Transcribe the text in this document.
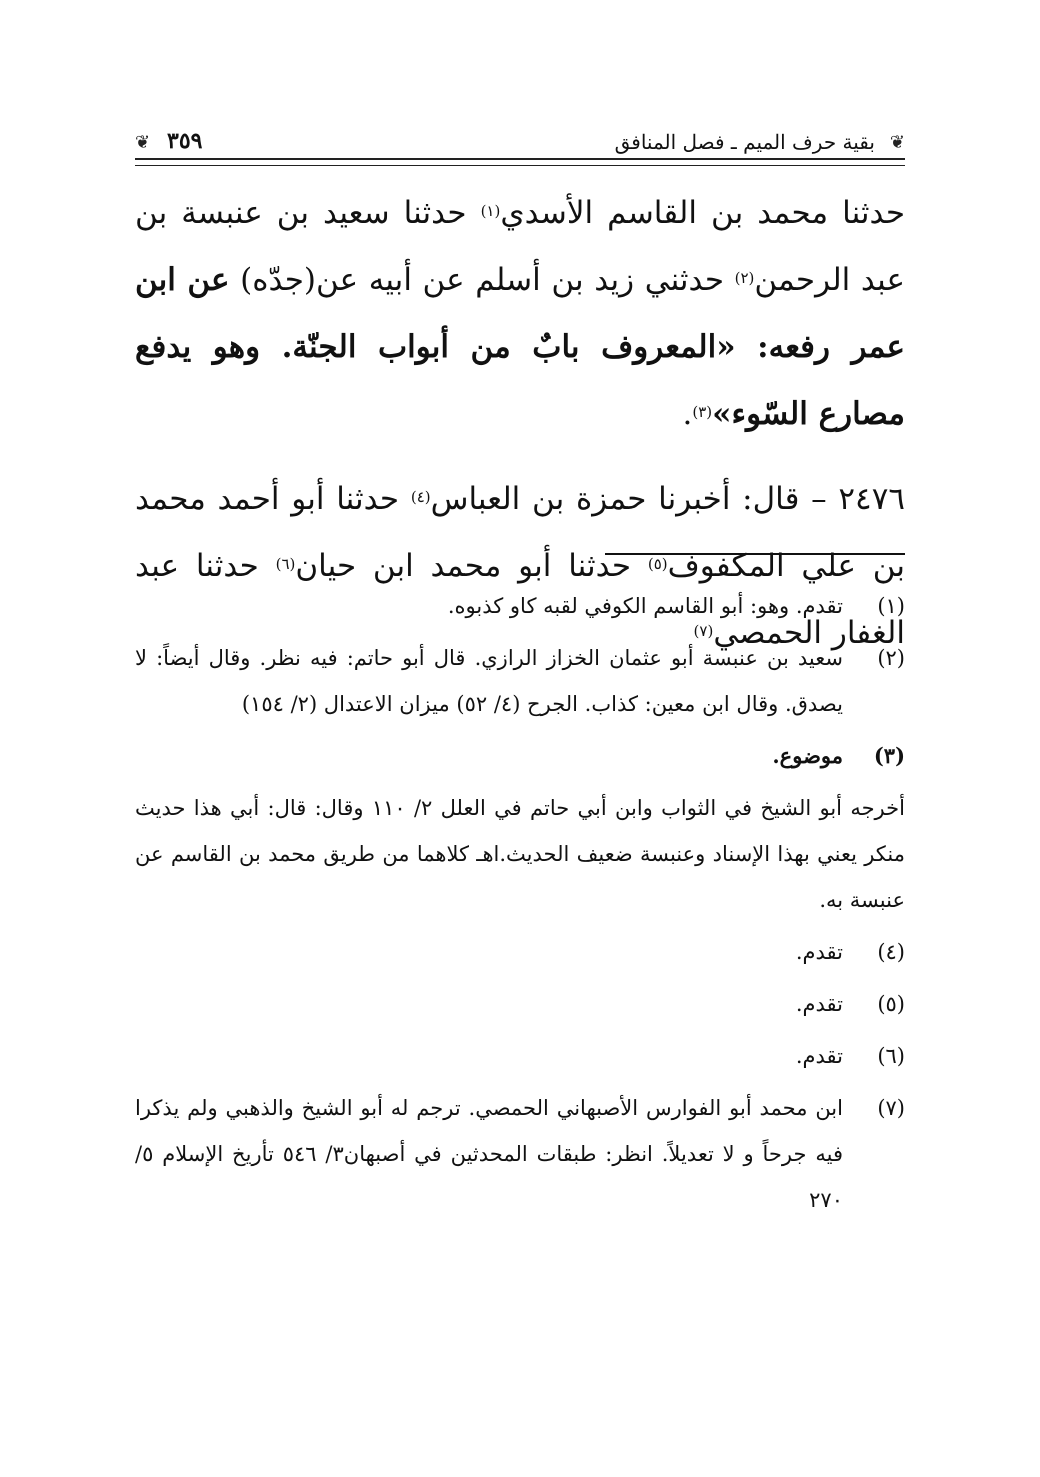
❦
بقية حرف الميم ـ فصل المنافق
٣٥٩
❦

حدثنا محمد بن القاسم الأسدي$^{(١)}$ حدثنا سعيد بن عنبسة بن عبد الرحمن$^{(٢)}$ حدثني زيد بن أسلم عن أبيه عن(جدّه) عن ابن عمر رفعه: «المعروف بابٌ من أبواب الجنّة. وهو يدفع مصارع السّوء»$^{(٣)}$.

٢٤٧٦ – قال: أخبرنا حمزة بن العباس$^{(٤)}$ حدثنا أبو أحمد محمد بن علي المكفوف$^{(٥)}$ حدثنا أبو محمد ابن حيان$^{(٦)}$ حدثنا عبد الغفار الحمصي$^{(٧)}$

(١)
تقدم. وهو: أبو القاسم الكوفي لقبه كاو كذبوه.

(٢)
سعيد بن عنبسة أبو عثمان الخزاز الرازي. قال أبو حاتم: فيه نظر. وقال أيضاً: لا يصدق. وقال ابن معين: كذاب. الجرح (٤/ ٥٢) ميزان الاعتدال (٢/ ١٥٤)

(٣)
موضوع.

أخرجه أبو الشيخ في الثواب وابن أبي حاتم في العلل ٢/ ١١٠ وقال: قال: أبي هذا حديث منكر يعني بهذا الإسناد وعنبسة ضعيف الحديث.اهـ كلاهما من طريق محمد بن القاسم عن عنبسة به.

(٤)
تقدم.

(٥)
تقدم.

(٦)
تقدم.

(٧)
ابن محمد أبو الفوارس الأصبهاني الحمصي. ترجم له أبو الشيخ والذهبي ولم يذكرا فيه جرحاً و لا تعديلاً. انظر: طبقات المحدثين في أصبهان٣/ ٥٤٦ تأريخ الإسلام ٥/ ٢٧٠
